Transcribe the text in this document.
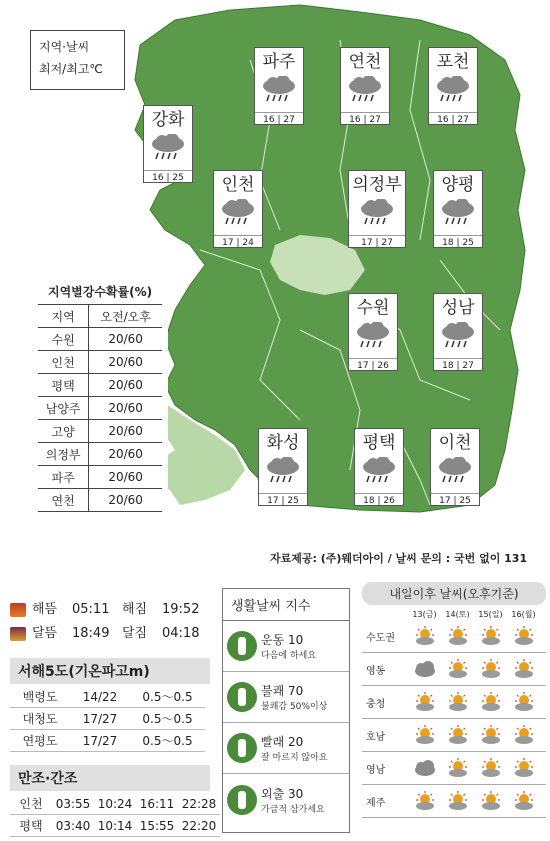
지역·날씨
최저/최고℃	파주
16 | 27
연천
16 | 27
포천
16 | 27
강화
16 | 25	인천
17 | 24
의정부
17 | 27
양평
18 | 25
수원
17 | 26
성남
18 | 27
화성
17 | 25
평택
18 | 26
이천
17 | 25
지역별강수확률(%)
지역	오전/오후
수원	20/60
인천	20/60
평택	20/60
남양주	20/60
고양	20/60
의정부	20/60
파주	20/60
연천	20/60
자료제공: (주)웨더아이 / 날씨 문의 : 국번 없이 131
해뜸	05:11 해짐	19:52
달뜸	18:49 달짐	04:18
서해5도(기온파고m)
백령도	14/22	0.5～0.5
대청도	17/27	0.5～0.5
연평도	17/27	0.5～0.5
만조·간조
인천	03:55 10:24 16:11 22:28
평택	03:40 10:14 15:55 22:20
생활날씨 지수
운동 10
다음에 하세요
불쾌 70
불쾌감 50%이상
빨래 20
잘 마르지 않아요
외출 30
가급적 삼가세요
내일이후 날씨(오후기준)
13(금)	14(토)	15(일)	16(월)
수도권
영동
충청
호남
영남
제주
